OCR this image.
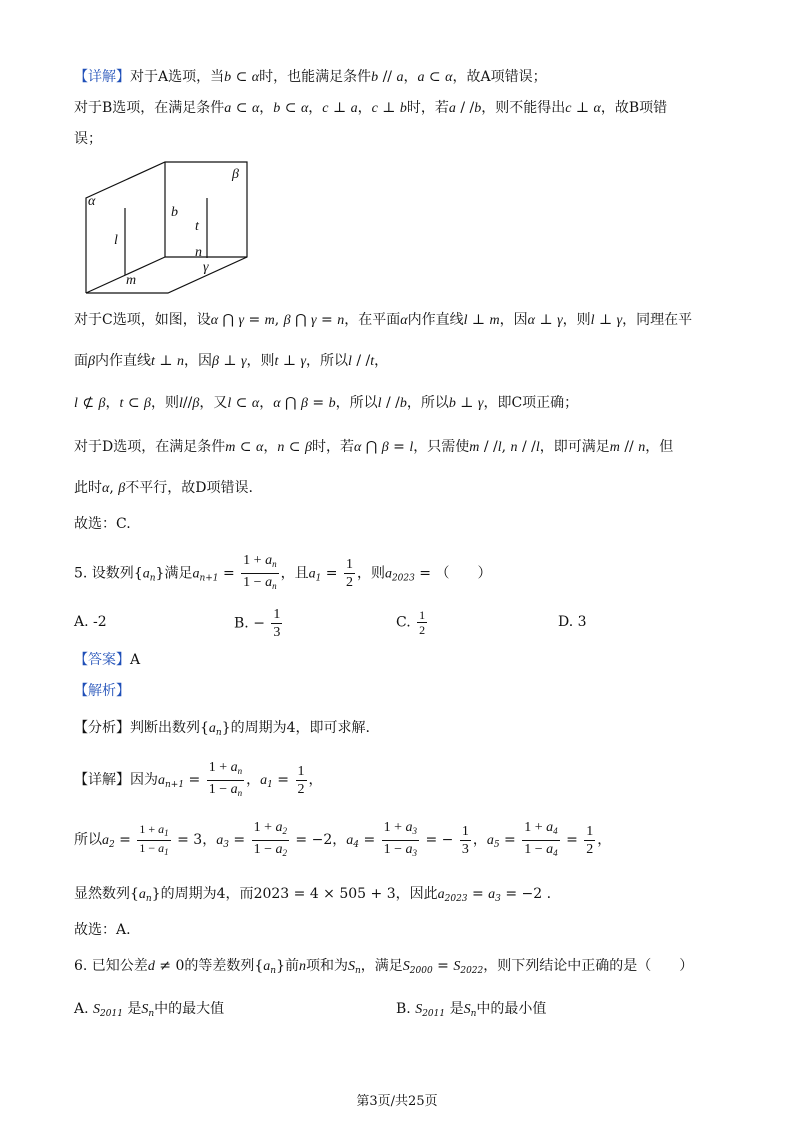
【详解】对于A选项，当b ⊂ α时，也能满足条件b // a，a ⊂ α，故A项错误；
对于B选项，在满足条件a ⊂ α，b ⊂ α，c ⊥ a，c ⊥ b时，若a / /b，则不能得出c ⊥ α，故B项错
误；
β
α
b
t
l
n
γ
m
对于C选项，如图，设α ⋂ γ = m, β ⋂ γ = n，在平面α内作直线l ⊥ m，因α ⊥ γ，则l ⊥ γ，同理在平
面β内作直线t ⊥ n，因β ⊥ γ，则t ⊥ γ，所以l / /t，
l ⊄ β，t ⊂ β，则l//β，又l ⊂ α，α ⋂ β = b，所以l / /b，所以b ⊥ γ，即C项正确；
对于D选项，在满足条件m ⊂ α，n ⊂ β时，若α ⋂ β = l，只需使m / /l, n / /l，即可满足m // n，但
此时α, β不平行，故D项错误.
故选：C.
5. 设数列$\{a_n\}$满足$a_{n+1} = \frac{1 + a_n}{1 - a_n}$ ，且$a_1 = \frac{1}{2}$ ，则$a_{2023}$ = （　　）
A. -2	B. − $\frac{1}{3}$	C. $\frac{1}{2}$	D. 3
【答案】A
【解析】
【分析】判断出数列$\{a_n\}$的周期为4，即可求解.
【详解】因为$a_{n+1} = \frac{1 + a_n}{1 - a_n}$ ，$a_1 = \frac{1}{2}$ ，
所以$a_2 = \frac{1 + a_1}{1 - a_1} = 3$，$a_3 = \frac{1 + a_2}{1 - a_2} = -2$，$a_4 = \frac{1 + a_3}{1 - a_3}$ = − $\frac{1}{3}$ ，$a_5 = \frac{1 + a_4}{1 - a_4} = \frac{1}{2}$ ，
显然数列$\{a_n\}$的周期为4，而2023 = 4 × 505 + 3，因此$a_{2023} = a_3 = -2$ .
故选：A.
6. 已知公差d ≠ 0的等差数列$\{a_n\}$前n项和为$S_n$，满足$S_{2000} = S_{2022}$，则下列结论中正确的是（　　）
A. $S_{2011}$ 是$S_n$中的最大值	B. $S_{2011}$ 是$S_n$中的最小值
第3页/共25页
